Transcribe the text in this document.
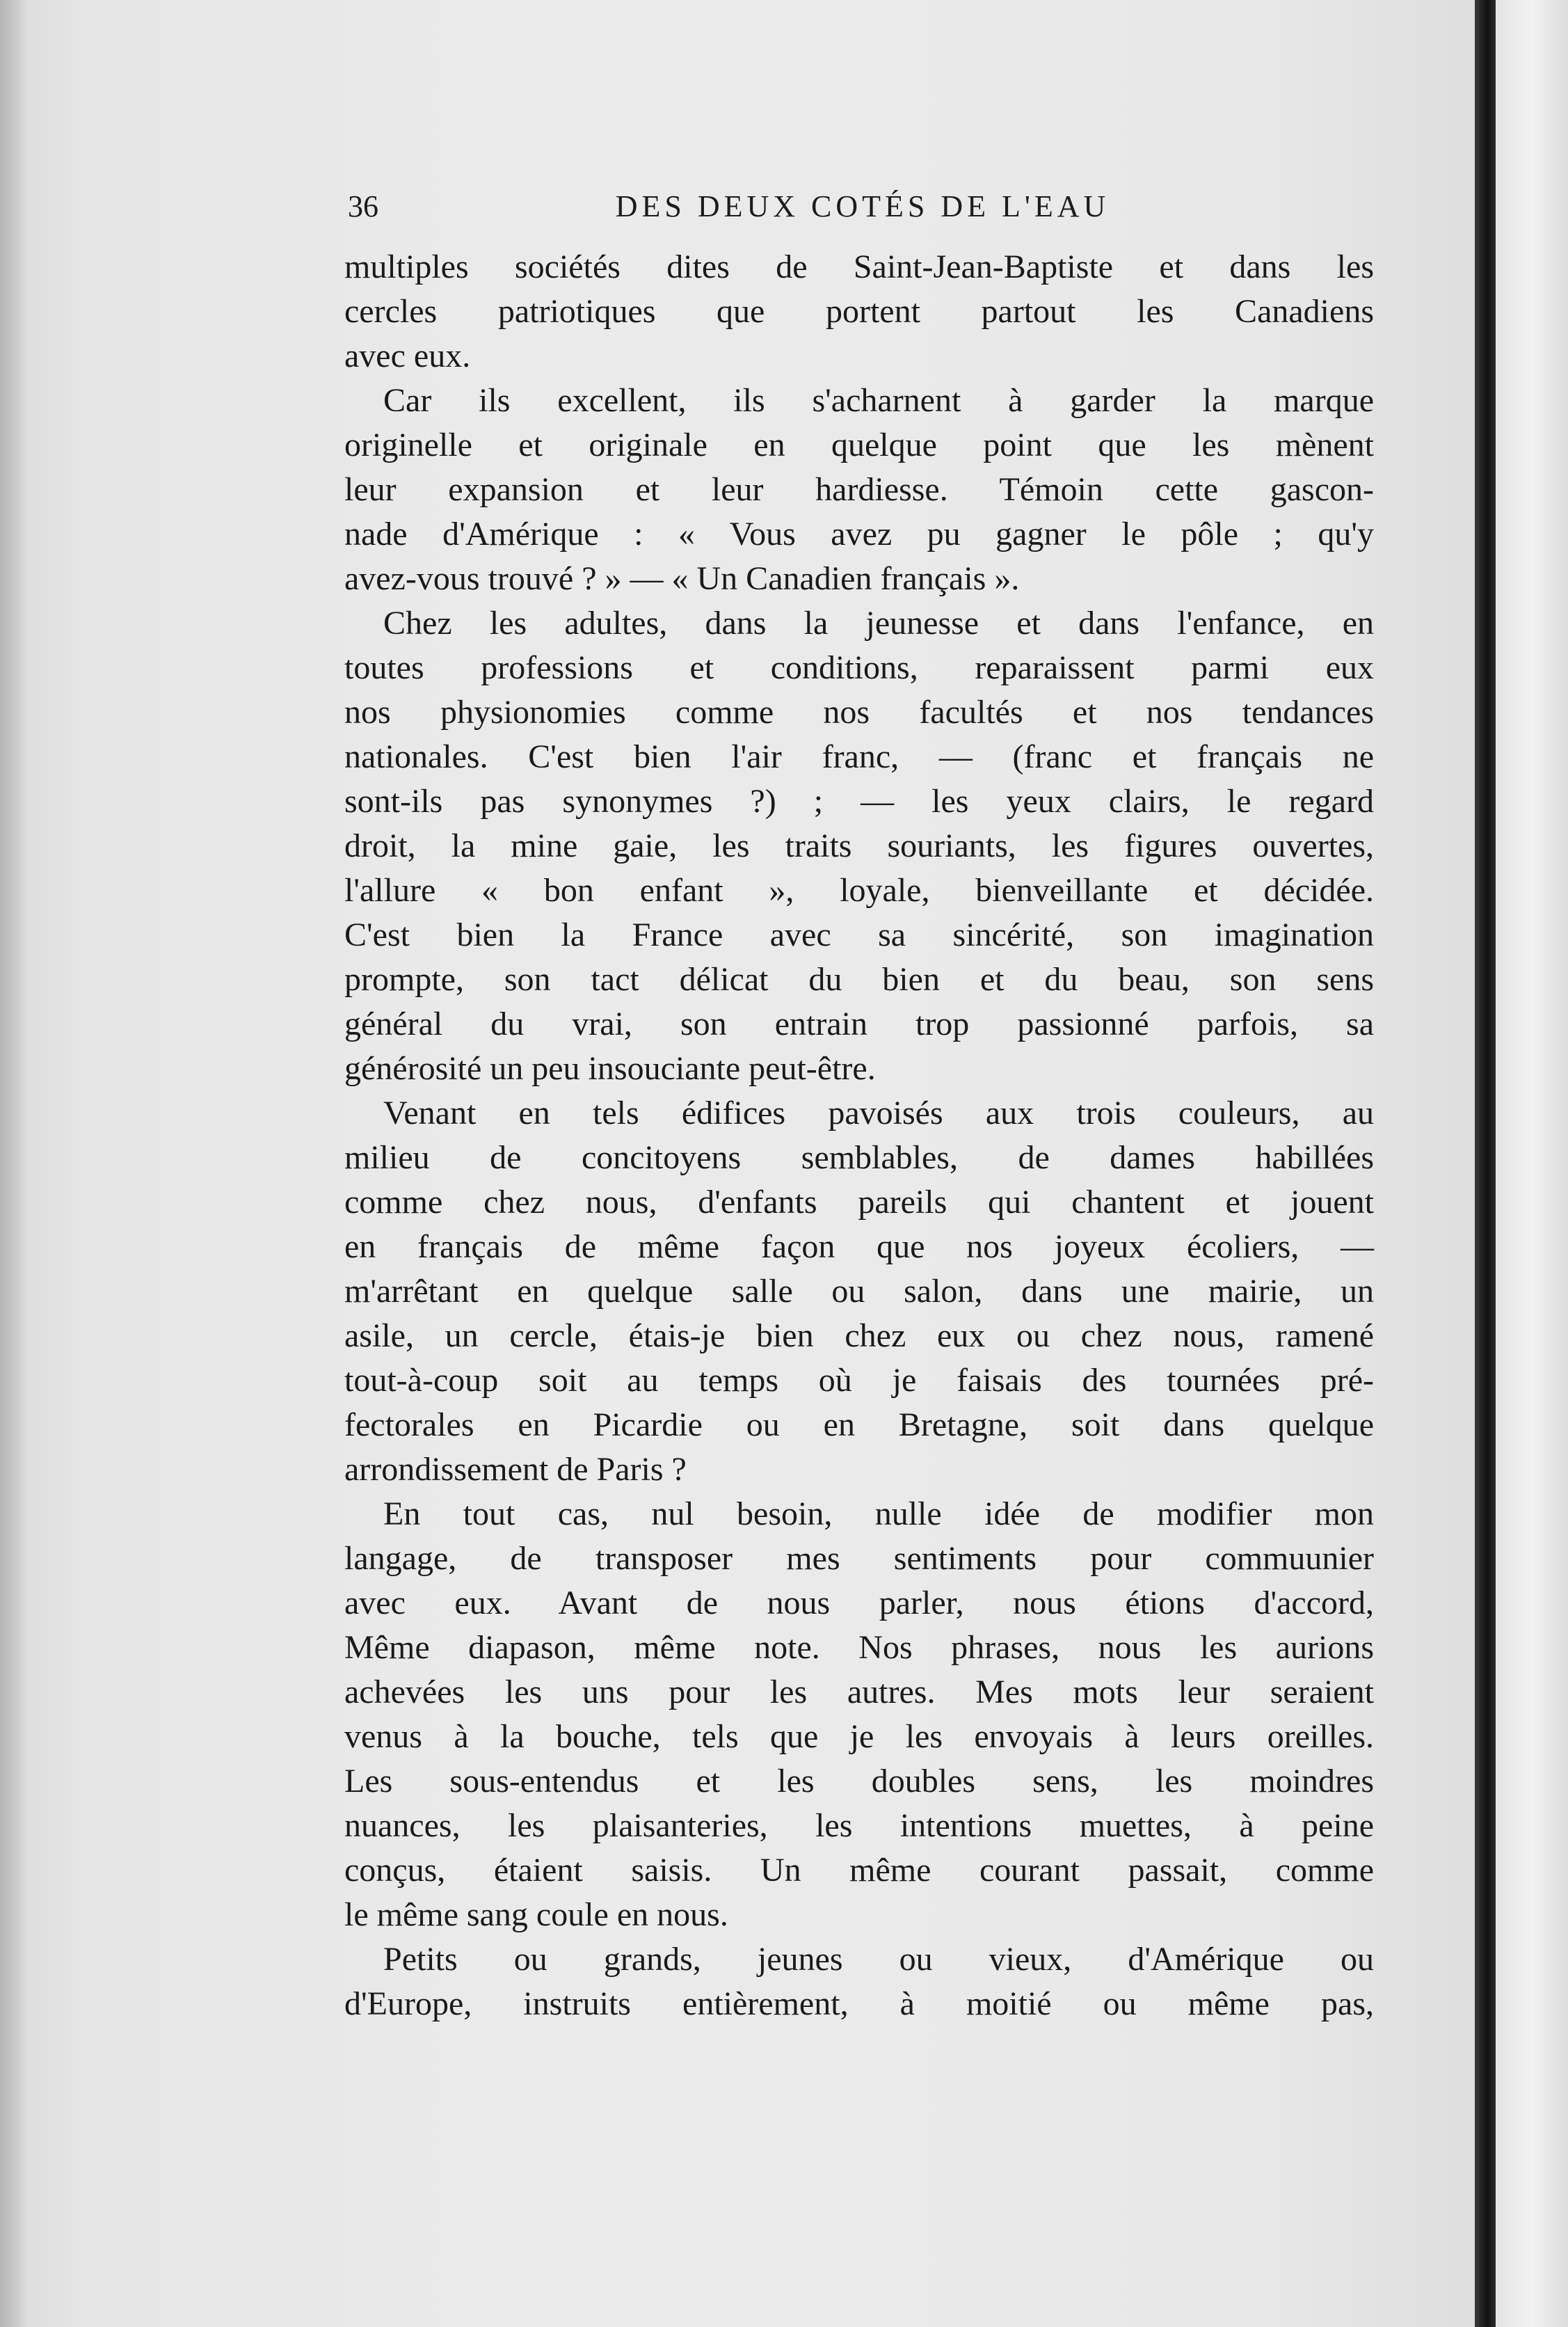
36	DES DEUX COTÉS DE L'EAU
multiples sociétés dites de Saint-Jean-Baptiste et dans les
cercles patriotiques que portent partout les Canadiens
avec eux.
Car ils excellent, ils s'acharnent à garder la marque
originelle et originale en quelque point que les mènent
leur expansion et leur hardiesse. Témoin cette gascon-
nade d'Amérique : « Vous avez pu gagner le pôle ; qu'y
avez-vous trouvé ? » — « Un Canadien français ».
Chez les adultes, dans la jeunesse et dans l'enfance, en
toutes professions et conditions, reparaissent parmi eux
nos physionomies comme nos facultés et nos tendances
nationales. C'est bien l'air franc, — (franc et français ne
sont-ils pas synonymes ?) ; — les yeux clairs, le regard
droit, la mine gaie, les traits souriants, les figures ouvertes,
l'allure « bon enfant », loyale, bienveillante et décidée.
C'est bien la France avec sa sincérité, son imagination
prompte, son tact délicat du bien et du beau, son sens
général du vrai, son entrain trop passionné parfois, sa
générosité un peu insouciante peut-être.
Venant en tels édifices pavoisés aux trois couleurs, au
milieu de concitoyens semblables, de dames habillées
comme chez nous, d'enfants pareils qui chantent et jouent
en français de même façon que nos joyeux écoliers, —
m'arrêtant en quelque salle ou salon, dans une mairie, un
asile, un cercle, étais-je bien chez eux ou chez nous, ramené
tout-à-coup soit au temps où je faisais des tournées pré-
fectorales en Picardie ou en Bretagne, soit dans quelque
arrondissement de Paris ?
En tout cas, nul besoin, nulle idée de modifier mon
langage, de transposer mes sentiments pour commuunier
avec eux. Avant de nous parler, nous étions d'accord,
Même diapason, même note. Nos phrases, nous les aurions
achevées les uns pour les autres. Mes mots leur seraient
venus à la bouche, tels que je les envoyais à leurs oreilles.
Les sous-entendus et les doubles sens, les moindres
nuances, les plaisanteries, les intentions muettes, à peine
conçus, étaient saisis. Un même courant passait, comme
le même sang coule en nous.
Petits ou grands, jeunes ou vieux, d'Amérique ou
d'Europe, instruits entièrement, à moitié ou même pas,
